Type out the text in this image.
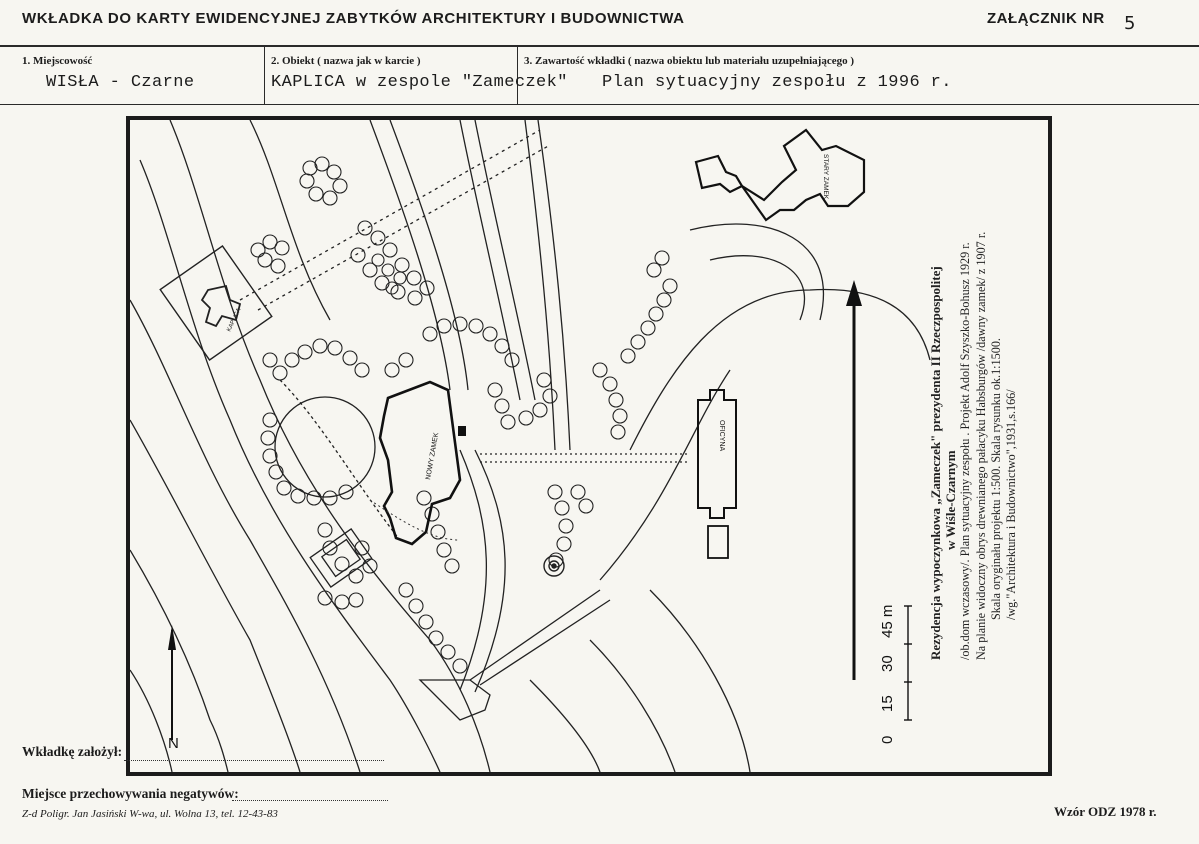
WKŁADKA DO KARTY EWIDENCYJNEJ ZABYTKÓW ARCHITEKTURY I BUDOWNICTWA	ZAŁĄCZNIK NR 5
1. Miejscowość
WISŁA - Czarne
2. Obiekt ( nazwa jak w karcie )
KAPLICA w zespole "Zameczek"
3. Zawartość wkładki ( nazwa obiektu lub materiału uzupełniającego )
Plan sytuacyjny zespołu z 1996 r.
KAPLICA
NOWY ZAMEK
STARY ZAMEK
OFICYNA
N	0
15
30
45 m Rezydencja wypoczynkowa „Zameczek" prezydenta II Rzeczpospolitej w Wiśle-Czarnym /ob.dom wczasowy/. Plan sytuacyjny zespołu . Projekt Adolf Szyszko-Bohusz 1929 r. Na planie widoczny obrys drewnianego pałacyku Habsburgów /dawny zamek/ z 1907 r. Skala oryginału projektu 1:500. Skala rysunku ok.1:1500. /wg."Architektura i Budownictwo",1931,s.166/
Wkładkę założył:
Miejsce przechowywania negatywów:
Z-d Poligr. Jan Jasiński W-wa, ul. Wolna 13, tel. 12-43-83	Wzór ODZ 1978 r.
